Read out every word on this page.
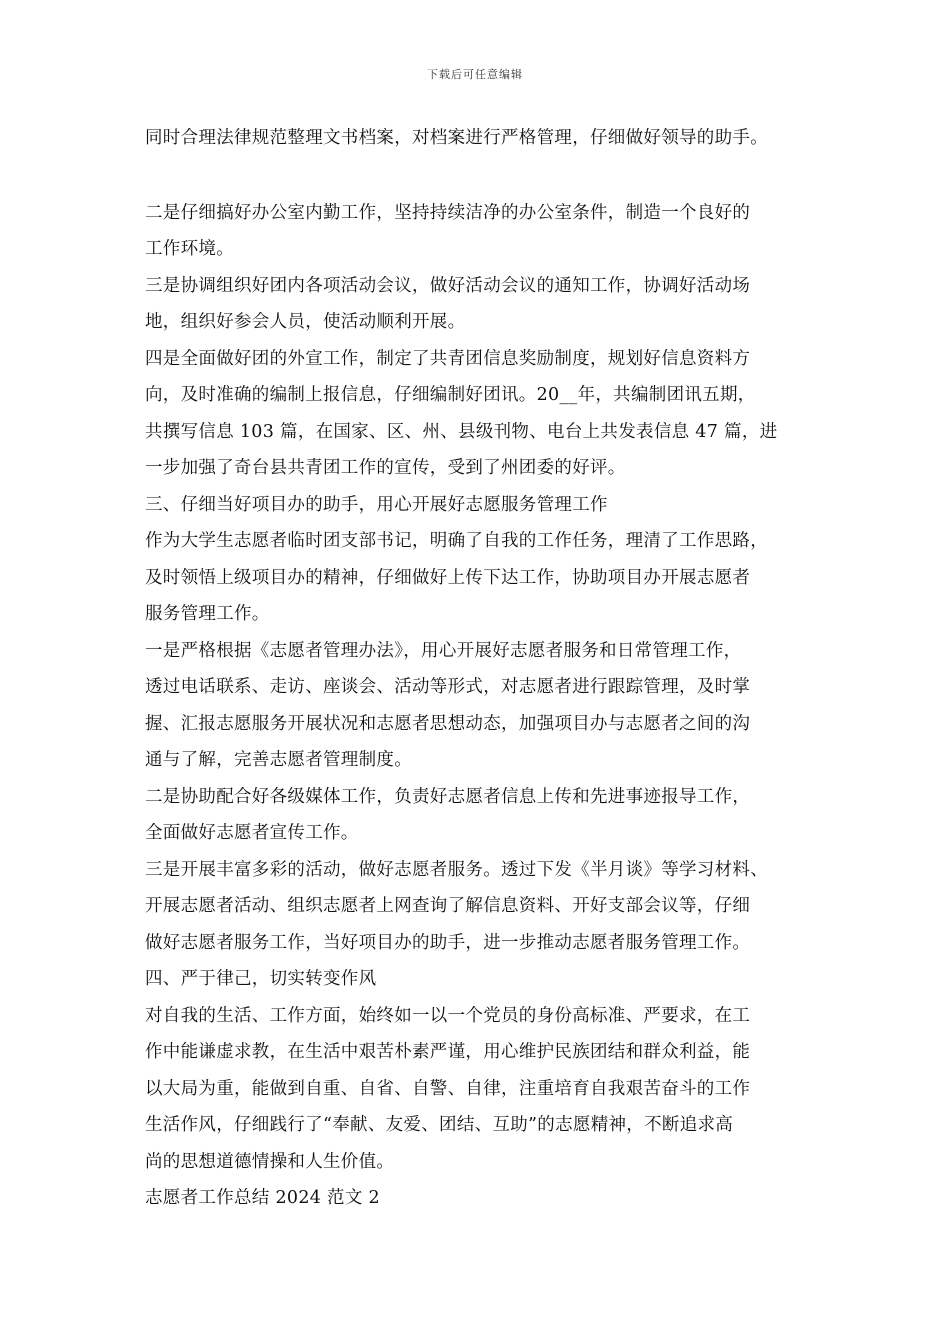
下载后可任意编辑
同时合理法律规范整理文书档案，对档案进行严格管理，仔细做好领导的助手。
二是仔细搞好办公室内勤工作，坚持持续洁净的办公室条件，制造一个良好的
工作环境。
三是协调组织好团内各项活动会议，做好活动会议的通知工作，协调好活动场
地，组织好参会人员，使活动顺利开展。
四是全面做好团的外宣工作，制定了共青团信息奖励制度，规划好信息资料方
向，及时准确的编制上报信息，仔细编制好团讯。20__年，共编制团讯五期，
共撰写信息 103 篇，在国家、区、州、县级刊物、电台上共发表信息 47 篇，进
一步加强了奇台县共青团工作的宣传，受到了州团委的好评。
三、仔细当好项目办的助手，用心开展好志愿服务管理工作
作为大学生志愿者临时团支部书记，明确了自我的工作任务，理清了工作思路，
及时领悟上级项目办的精神，仔细做好上传下达工作，协助项目办开展志愿者
服务管理工作。
一是严格根据《志愿者管理办法》，用心开展好志愿者服务和日常管理工作，
透过电话联系、走访、座谈会、活动等形式，对志愿者进行跟踪管理，及时掌
握、汇报志愿服务开展状况和志愿者思想动态，加强项目办与志愿者之间的沟
通与了解，完善志愿者管理制度。
二是协助配合好各级媒体工作，负责好志愿者信息上传和先进事迹报导工作，
全面做好志愿者宣传工作。
三是开展丰富多彩的活动，做好志愿者服务。透过下发《半月谈》等学习材料、
开展志愿者活动、组织志愿者上网查询了解信息资料、开好支部会议等，仔细
做好志愿者服务工作，当好项目办的助手，进一步推动志愿者服务管理工作。
四、严于律己，切实转变作风
对自我的生活、工作方面，始终如一以一个党员的身份高标准、严要求，在工
作中能谦虚求教，在生活中艰苦朴素严谨，用心维护民族团结和群众利益，能
以大局为重，能做到自重、自省、自警、自律，注重培育自我艰苦奋斗的工作
生活作风，仔细践行了“奉献、友爱、团结、互助”的志愿精神，不断追求高
尚的思想道德情操和人生价值。
志愿者工作总结 2024 范文 2
